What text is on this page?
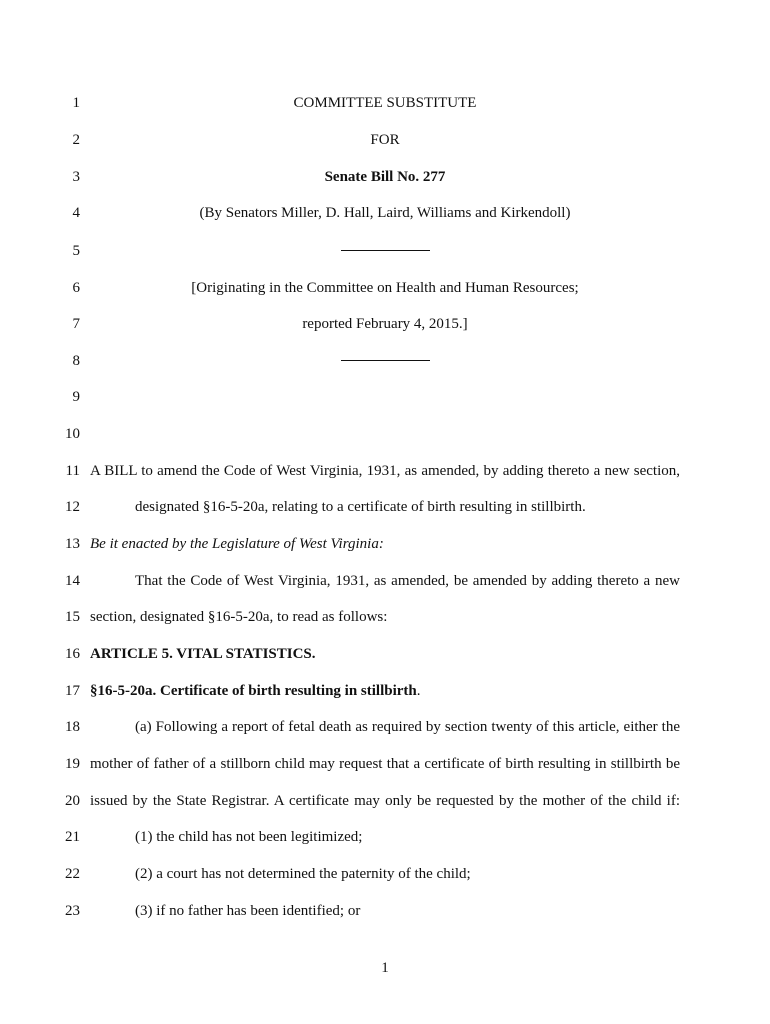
1	COMMITTEE SUBSTITUTE
2	FOR
3	Senate Bill No. 277
4	(By Senators Miller, D. Hall, Laird, Williams and Kirkendoll)
5
6	[Originating in the Committee on Health and Human Resources;
7	reported February 4, 2015.]
8
9
10
11 A BILL to amend the Code of West Virginia, 1931, as amended, by adding thereto a new section,
12	designated §16-5-20a, relating to a certificate of birth resulting in stillbirth.
13 Be it enacted by the Legislature of West Virginia:
14	That the Code of West Virginia, 1931, as amended, be amended by adding thereto a new
15 section, designated §16-5-20a, to read as follows:
16 ARTICLE 5. VITAL STATISTICS.
17 §16-5-20a. Certificate of birth resulting in stillbirth.
18	(a) Following a report of fetal death as required by section twenty of this article, either the
19 mother of father of a stillborn child may request that a certificate of birth resulting in stillbirth be
20 issued by the State Registrar. A certificate may only be requested by the mother of the child if:
21	(1) the child has not been legitimized;
22	(2) a court has not determined the paternity of the child;
23	(3) if no father has been identified; or
1
